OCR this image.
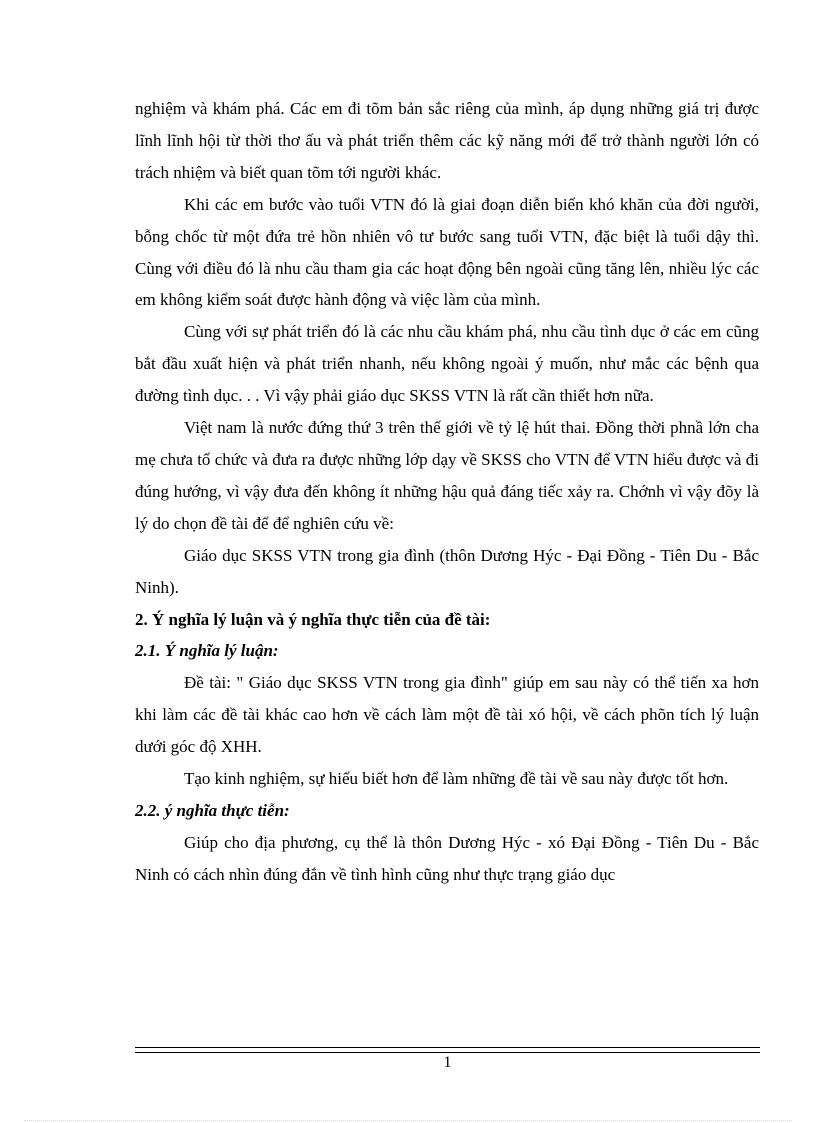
nghiệm và khám phá. Các em đi tõm bản sắc riêng của mình, áp dụng những giá trị được lĩnh lĩnh hội từ thời thơ ấu và phát triển thêm các kỹ năng mới để trở thành người lớn có trách nhiệm và biết quan tõm tới người khác.

Khi các em bước vào tuổi VTN đó là giai đoạn diễn biến khó khăn của đời người, bỗng chốc từ một đứa trẻ hồn nhiên vô tư bước sang tuổi VTN, đặc biệt là tuổi dậy thì. Cùng với điều đó là nhu cầu tham gia các hoạt động bên ngoài cũng tăng lên, nhiều lýc các em không kiểm soát được hành động và việc làm của mình.

Cùng với sự phát triển đó là các nhu cầu khám phá, nhu cầu tình dục ở các em cũng bắt đầu xuất hiện và phát triển nhanh, nếu không ngoài ý muốn, như mắc các bệnh qua đường tình dục. . . Vì vậy phải giáo dục SKSS VTN là rất cần thiết hơn nữa.

Việt nam là nước đứng thứ 3 trên thế giới về tỷ lệ hút thai. Đồng thời phnầ lớn cha mẹ chưa tổ chức và đưa ra được những lớp dạy về SKSS cho VTN để VTN hiểu được và đi đúng hướng, vì vậy đưa đến không ít những hậu quả đáng tiếc xảy ra. Chớnh vì vậy đõy là lý do chọn đề tài để để nghiên cứu về:

Giáo dục SKSS VTN trong gia đình (thôn Dương Hýc - Đại Đồng - Tiên Du - Bắc Ninh).

2. Ý nghĩa lý luận và ý nghĩa thực tiễn của đề tài:

2.1. Ý nghĩa lý luận:

Đề tài: " Giáo dục SKSS VTN trong gia đình" giúp em sau này có thể tiến xa hơn khi làm các đề tài khác cao hơn về cách làm một đề tài xó hội, về cách phõn tích lý luận dưới góc độ XHH.

Tạo kinh nghiệm, sự hiểu biết hơn để làm những đề tài về sau này được tốt hơn.

2.2. ý nghĩa thực tiễn:

Giúp cho địa phương, cụ thể là thôn Dương Hýc - xó Đại Đồng - Tiên Du - Bắc Ninh có cách nhìn đúng đắn về tình hình cũng như thực trạng giáo dục

1
